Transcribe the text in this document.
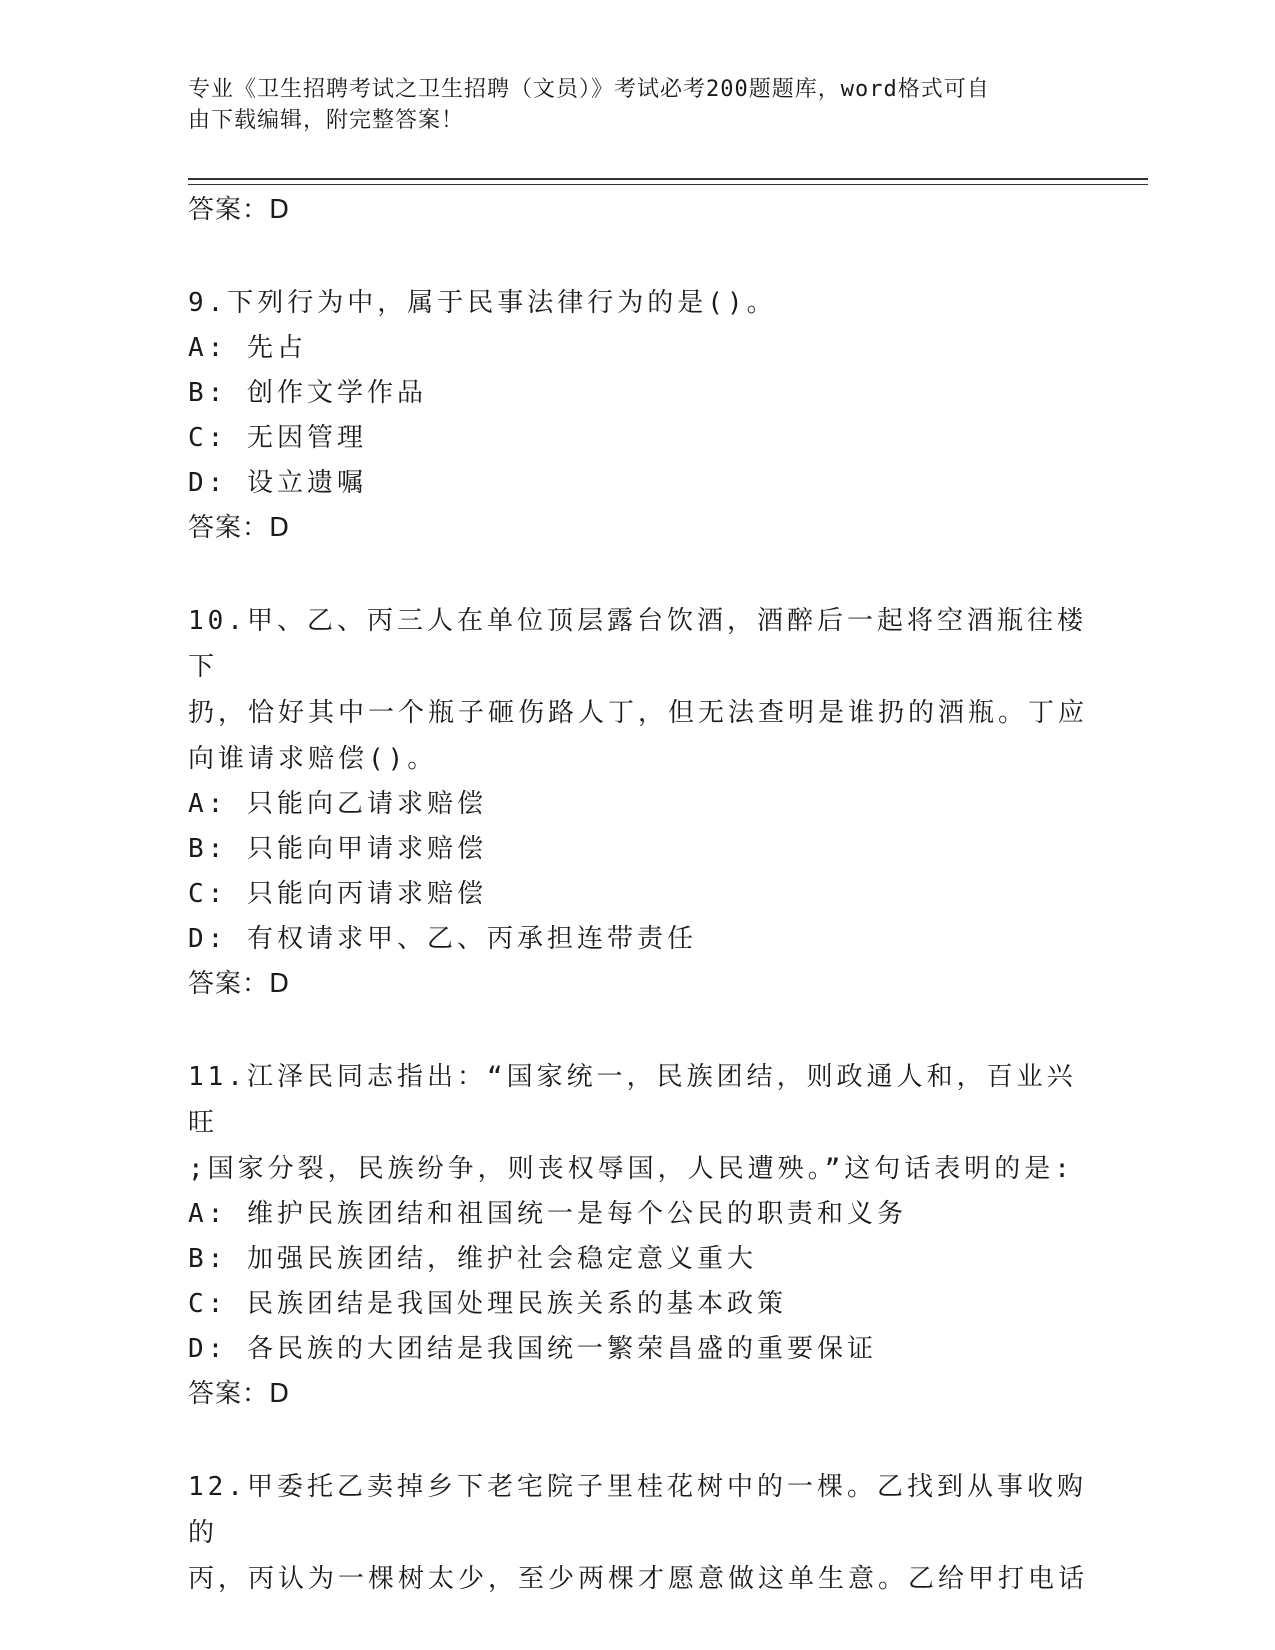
专业《卫生招聘考试之卫生招聘（文员）》考试必考200题题库，word格式可自
由下载编辑，附完整答案！
答案：D
9.下列行为中，属于民事法律行为的是()。
A: 先占
B: 创作文学作品
C: 无因管理
D: 设立遗嘱
答案：D
10.甲、乙、丙三人在单位顶层露台饮酒，酒醉后一起将空酒瓶往楼下
扔，恰好其中一个瓶子砸伤路人丁，但无法查明是谁扔的酒瓶。丁应
向谁请求赔偿()。
A: 只能向乙请求赔偿
B: 只能向甲请求赔偿
C: 只能向丙请求赔偿
D: 有权请求甲、乙、丙承担连带责任
答案：D
11.江泽民同志指出：“国家统一，民族团结，则政通人和，百业兴旺
;国家分裂，民族纷争，则丧权辱国，人民遭殃。”这句话表明的是:
A: 维护民族团结和祖国统一是每个公民的职责和义务
B: 加强民族团结，维护社会稳定意义重大
C: 民族团结是我国处理民族关系的基本政策
D: 各民族的大团结是我国统一繁荣昌盛的重要保证
答案：D
12.甲委托乙卖掉乡下老宅院子里桂花树中的一棵。乙找到从事收购的
丙，丙认为一棵树太少，至少两棵才愿意做这单生意。乙给甲打电话
